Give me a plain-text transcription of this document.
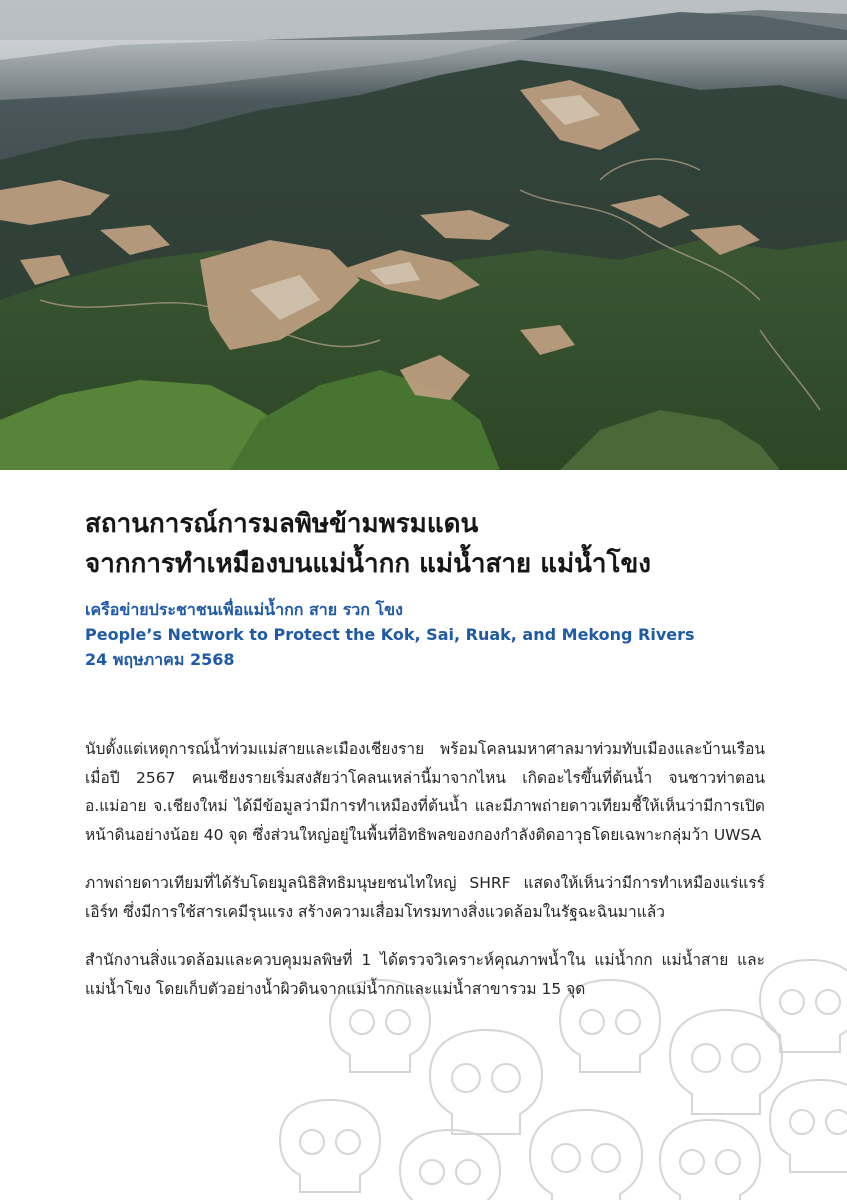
สถานการณ์การมลพิษข้ามพรมแดน
จากการทำเหมืองบนแม่น้ำกก แม่น้ำสาย แม่น้ำโขง
เครือข่ายประชาชนเพื่อแม่น้ำกก สาย รวก โขง
People’s Network to Protect the Kok, Sai, Ruak, and Mekong Rivers
24 พฤษภาคม 2568

นับตั้งแต่เหตุการณ์น้ำท่วมแม่สายและเมืองเชียงราย พร้อมโคลนมหาศาลมาท่วมทับเมืองและบ้านเรือน เมื่อปี 2567 คนเชียงรายเริ่มสงสัยว่าโคลนเหล่านี้มาจากไหน เกิดอะไรขึ้นที่ต้นน้ำ จนชาวท่าตอน อ.แม่อาย จ.เชียงใหม่ ได้มีข้อมูลว่ามีการทำเหมืองที่ต้นน้ำ และมีภาพถ่ายดาวเทียมชี้ให้เห็นว่ามีการเปิดหน้าดินอย่างน้อย 40 จุด ซึ่งส่วนใหญ่อยู่ในพื้นที่อิทธิพลของกองกำลังติดอาวุธโดยเฉพาะกลุ่มว้า UWSA

ภาพถ่ายดาวเทียมที่ได้รับโดยมูลนิธิสิทธิมนุษยชนไทใหญ่ SHRF แสดงให้เห็นว่ามีการทำเหมืองแร่แรร์เอิร์ท ซึ่งมีการใช้สารเคมีรุนแรง สร้างความเสื่อมโทรมทางสิ่งแวดล้อมในรัฐฉะฉินมาแล้ว

สำนักงานสิ่งแวดล้อมและควบคุมมลพิษที่ 1 ได้ตรวจวิเคราะห์คุณภาพน้ำใน แม่น้ำกก แม่น้ำสาย และแม่น้ำโขง โดยเก็บตัวอย่างน้ำผิวดินจากแม่น้ำกกและแม่น้ำสาขารวม 15 จุด
